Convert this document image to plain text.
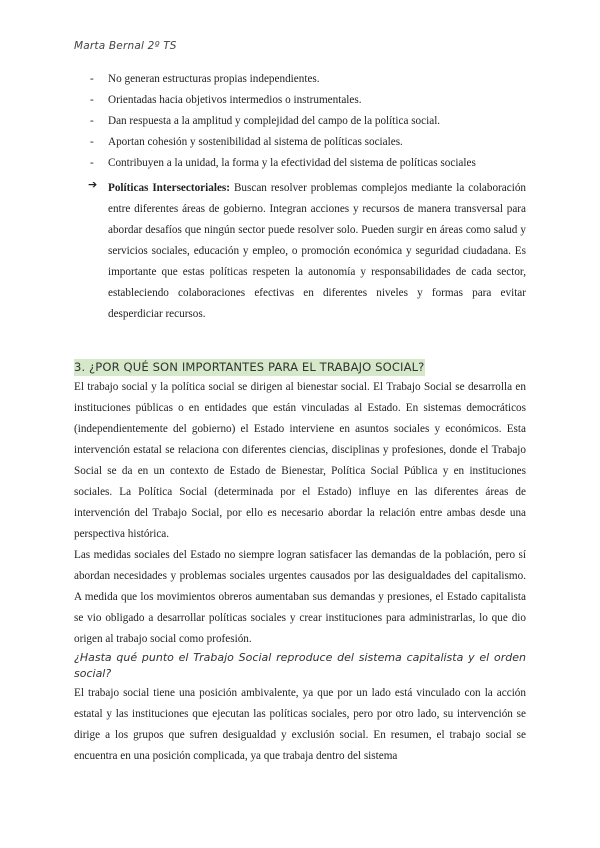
Marta Bernal 2º TS
- No generan estructuras propias independientes.
- Orientadas hacia objetivos intermedios o instrumentales.
- Dan respuesta a la amplitud y complejidad del campo de la política social.
- Aportan cohesión y sostenibilidad al sistema de políticas sociales.
- Contribuyen a la unidad, la forma y la efectividad del sistema de políticas sociales
➔ Políticas Intersectoriales: Buscan resolver problemas complejos mediante la colaboración entre diferentes áreas de gobierno. Integran acciones y recursos de manera transversal para abordar desafíos que ningún sector puede resolver solo. Pueden surgir en áreas como salud y servicios sociales, educación y empleo, o promoción económica y seguridad ciudadana. Es importante que estas políticas respeten la autonomía y responsabilidades de cada sector, estableciendo colaboraciones efectivas en diferentes niveles y formas para evitar desperdiciar recursos.
3. ¿POR QUÉ SON IMPORTANTES PARA EL TRABAJO SOCIAL?
El trabajo social y la política social se dirigen al bienestar social. El Trabajo Social se desarrolla en instituciones públicas o en entidades que están vinculadas al Estado. En sistemas democráticos (independientemente del gobierno) el Estado interviene en asuntos sociales y económicos. Esta intervención estatal se relaciona con diferentes ciencias, disciplinas y profesiones, donde el Trabajo Social se da en un contexto de Estado de Bienestar, Política Social Pública y en instituciones sociales. La Política Social (determinada por el Estado) influye en las diferentes áreas de intervención del Trabajo Social, por ello es necesario abordar la relación entre ambas desde una perspectiva histórica.
Las medidas sociales del Estado no siempre logran satisfacer las demandas de la población, pero sí abordan necesidades y problemas sociales urgentes causados por las desigualdades del capitalismo. A medida que los movimientos obreros aumentaban sus demandas y presiones, el Estado capitalista se vio obligado a desarrollar políticas sociales y crear instituciones para administrarlas, lo que dio origen al trabajo social como profesión.
¿Hasta qué punto el Trabajo Social reproduce del sistema capitalista y el orden social?
El trabajo social tiene una posición ambivalente, ya que por un lado está vinculado con la acción estatal y las instituciones que ejecutan las políticas sociales, pero por otro lado, su intervención se dirige a los grupos que sufren desigualdad y exclusión social. En resumen, el trabajo social se encuentra en una posición complicada, ya que trabaja dentro del sistema
